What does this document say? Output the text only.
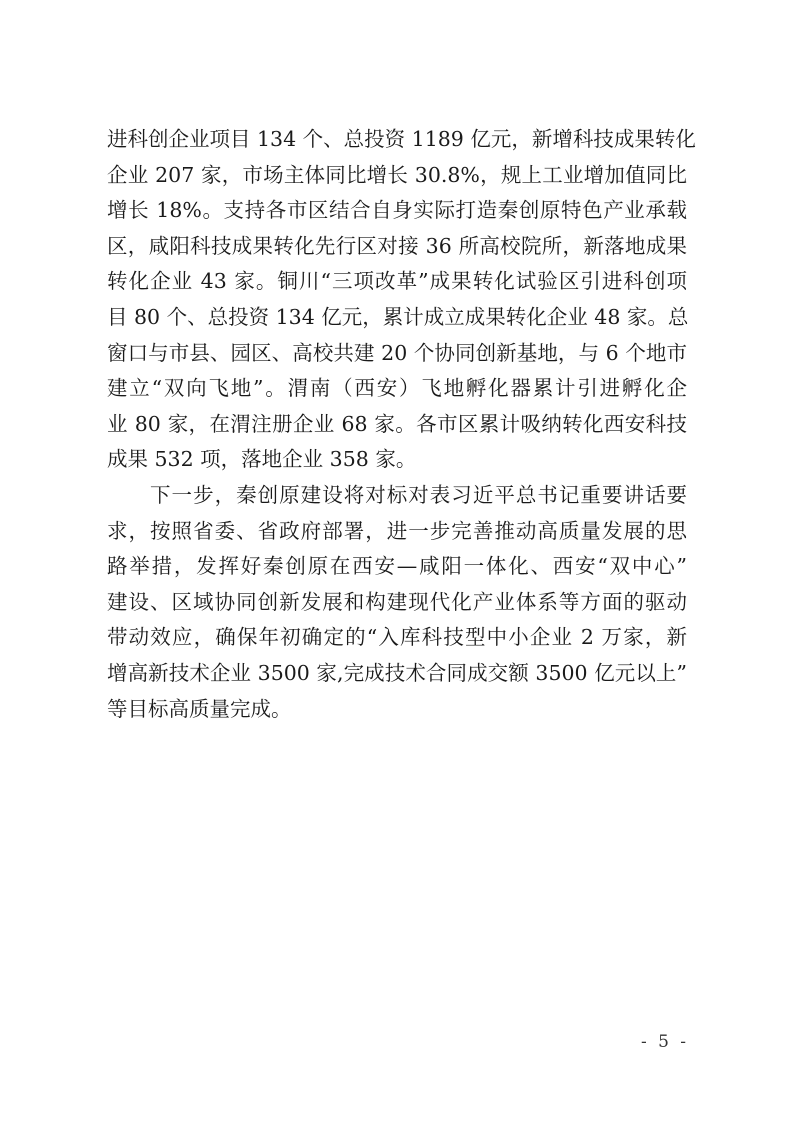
进科创企业项目 134 个、总投资 1189 亿元，新增科技成果转化
企业 207 家，市场主体同比增长 30.8%，规上工业增加值同比
增长 18%。支持各市区结合自身实际打造秦创原特色产业承载
区，咸阳科技成果转化先行区对接 36 所高校院所，新落地成果
转化企业 43 家。铜川“三项改革”成果转化试验区引进科创项
目 80 个、总投资 134 亿元，累计成立成果转化企业 48 家。总
窗口与市县、园区、高校共建 20 个协同创新基地，与 6 个地市
建立“双向飞地”。渭南（西安）飞地孵化器累计引进孵化企
业 80 家，在渭注册企业 68 家。各市区累计吸纳转化西安科技
成果 532 项，落地企业 358 家。
　　下一步，秦创原建设将对标对表习近平总书记重要讲话要
求，按照省委、省政府部署，进一步完善推动高质量发展的思
路举措，发挥好秦创原在西安—咸阳一体化、西安“双中心”
建设、区域协同创新发展和构建现代化产业体系等方面的驱动
带动效应，确保年初确定的“入库科技型中小企业 2 万家，新
增高新技术企业 3500 家,完成技术合同成交额 3500 亿元以上”
等目标高质量完成。
- 5 -
